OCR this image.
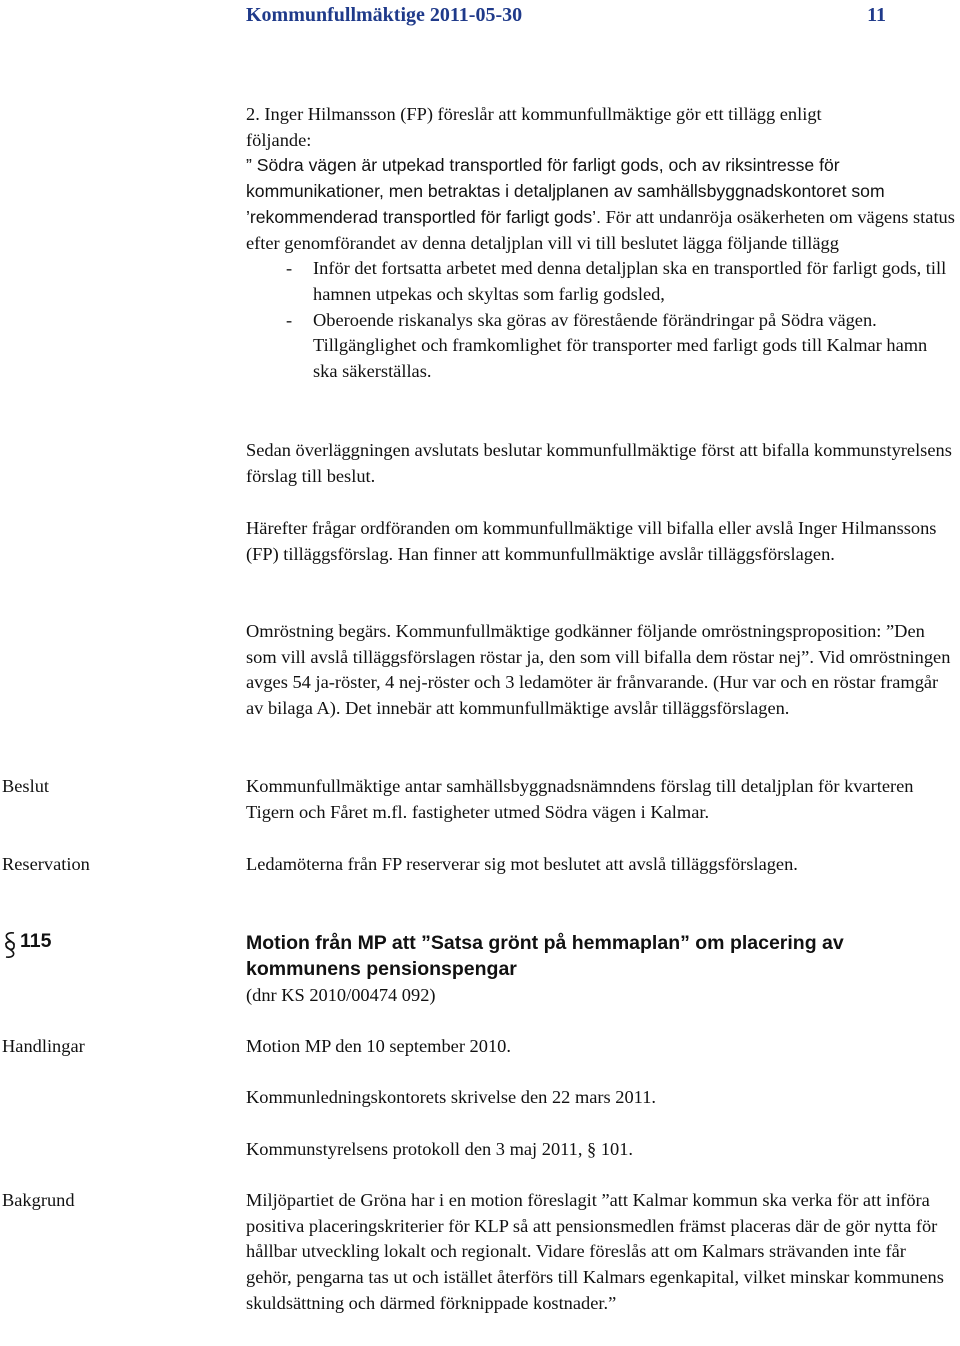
Kommunfullmäktige 2011-05-30	11

2. Inger Hilmansson (FP) föreslår att kommunfullmäktige gör ett tillägg enligt

följande:

” Södra vägen är utpekad transportled för farligt gods, och av riksintresse för kommunikationer, men betraktas i detaljplanen av samhällsbyggnadskontoret som ’rekommenderad transportled för farligt gods’. För att undanröja osäkerheten om vägens status efter genomförandet av denna detaljplan vill vi till beslutet lägga följande tillägg

-	Inför det fortsatta arbetet med denna detaljplan ska en transportled för farligt gods, till hamnen utpekas och skyltas som farlig godsled,
-	Oberoende riskanalys ska göras av förestående förändringar på Södra vägen. Tillgänglighet och framkomlighet för transporter med farligt gods till Kalmar hamn ska säkerställas.
Sedan överläggningen avslutats beslutar kommunfullmäktige först att bifalla kommunstyrelsens förslag till beslut.
Härefter frågar ordföranden om kommunfullmäktige vill bifalla eller avslå Inger Hilmanssons (FP) tilläggsförslag. Han finner att kommunfullmäktige avslår tilläggsförslagen.
Omröstning begärs. Kommunfullmäktige godkänner följande omröstningsproposition: ”Den som vill avslå tilläggsförslagen röstar ja, den som vill bifalla dem röstar nej”. Vid omröstningen avges 54 ja-röster, 4 nej-röster och 3 ledamöter är frånvarande. (Hur var och en röstar framgår av bilaga A). Det innebär att kommunfullmäktige avslår tilläggsförslagen.
Beslut	Kommunfullmäktige antar samhällsbyggnadsnämndens förslag till detaljplan för kvarteren Tigern och Fåret m.fl. fastigheter utmed Södra vägen i Kalmar.
Reservation	Ledamöterna från FP reserverar sig mot beslutet att avslå tilläggsförslagen.
115	Motion från MP att ”Satsa grönt på hemmaplan” om placering av kommunens pensionspengar
(dnr KS 2010/00474 092)
Handlingar	Motion MP den 10 september 2010.
Kommunledningskontorets skrivelse den 22 mars 2011.
Kommunstyrelsens protokoll den 3 maj 2011, § 101.
Bakgrund	Miljöpartiet de Gröna har i en motion föreslagit ”att Kalmar kommun ska verka för att införa positiva placeringskriterier för KLP så att pensionsmedlen främst placeras där de gör nytta för hållbar utveckling lokalt och regionalt. Vidare föreslås att om Kalmars strävanden inte får gehör, pengarna tas ut och istället återförs till Kalmars egenkapital, vilket minskar kommunens skuldsättning och därmed förknippade kostnader.”
